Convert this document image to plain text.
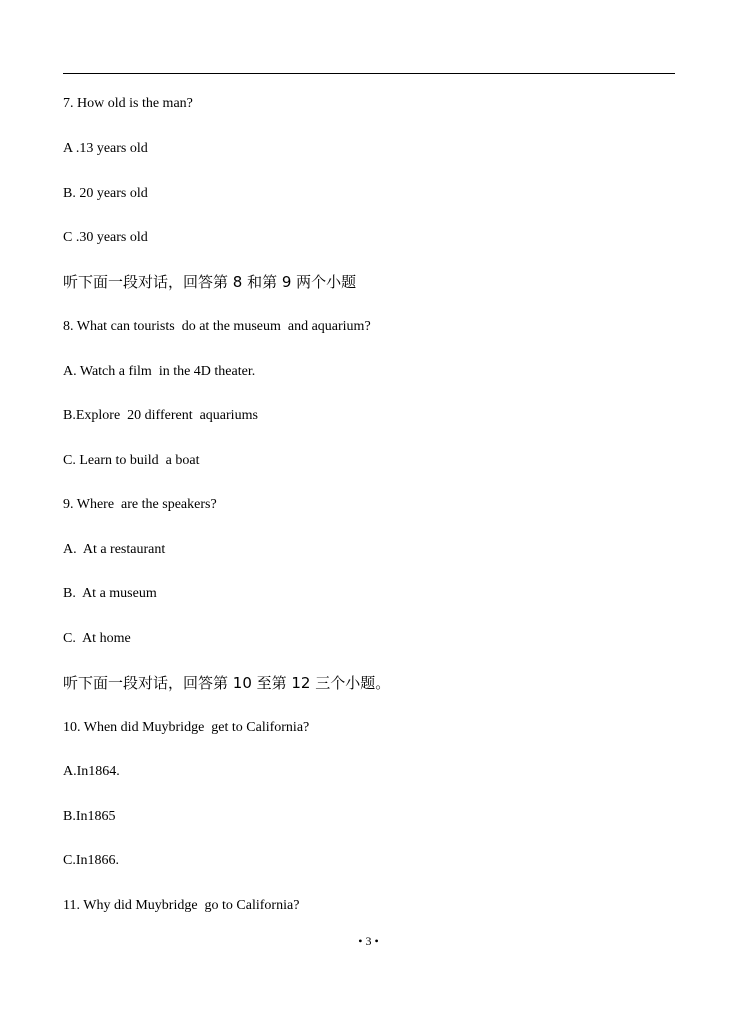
7. How old is the man?
A .13 years old
B. 20 years old
C .30 years old
听下面一段对话，回答第 8 和第 9 两个小题
8. What can tourists  do at the museum  and aquarium?
A. Watch a film  in the 4D theater.
B.Explore  20 different  aquariums
C. Learn to build  a boat
9. Where  are the speakers?
A.  At a restaurant
B.  At a museum
C.  At home
听下面一段对话，回答第 10 至第 12 三个小题。
10. When did Muybridge  get to California?
A.In1864.
B.In1865
C.In1866.
11. Why did Muybridge  go to California?
• 3 •
